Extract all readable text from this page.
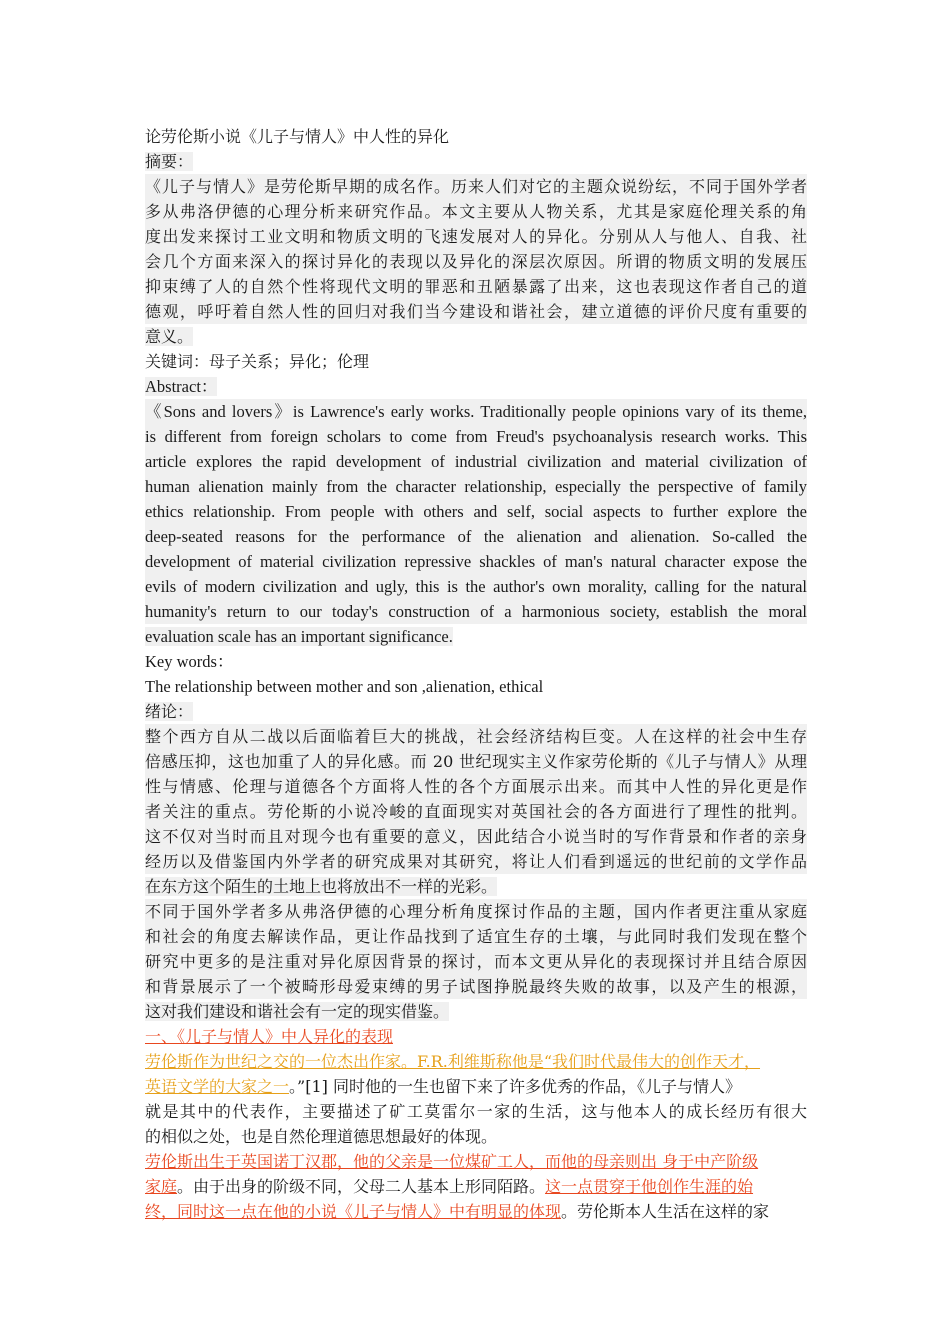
论劳伦斯小说《儿子与情人》中人性的异化
摘要：
《儿子与情人》是劳伦斯早期的成名作。历来人们对它的主题众说纷纭，不同于国外学者
多从弗洛伊德的心理分析来研究作品。本文主要从人物关系，尤其是家庭伦理关系的角
度出发来探讨工业文明和物质文明的飞速发展对人的异化。分别从人与他人、自我、社
会几个方面来深入的探讨异化的表现以及异化的深层次原因。所谓的物质文明的发展压
抑束缚了人的自然个性将现代文明的罪恶和丑陋暴露了出来，这也表现这作者自己的道
德观，呼吁着自然人性的回归对我们当今建设和谐社会，建立道德的评价尺度有重要的
意义。
关键词：母子关系；异化；伦理
Abstract：
《Sons and lovers》is Lawrence's early works. Traditionally people opinions vary of its theme,
is different from foreign scholars to come from Freud's psychoanalysis research works. This
article explores the rapid development of industrial civilization and material civilization of
human alienation mainly from the character relationship, especially the perspective of family
ethics relationship. From people with others and self, social aspects to further explore the
deep-seated reasons for the performance of the alienation and alienation. So-called the
development of material civilization repressive shackles of man's natural character expose the
evils of modern civilization and ugly, this is the author's own morality, calling for the natural
humanity's return to our today's construction of a harmonious society, establish the moral
evaluation scale has an important significance.
Key words：
The relationship between mother and son ,alienation, ethical
绪论：
整个西方自从二战以后面临着巨大的挑战，社会经济结构巨变。人在这样的社会中生存
倍感压抑，这也加重了人的异化感。而 20 世纪现实主义作家劳伦斯的《儿子与情人》从理
性与情感、伦理与道德各个方面将人性的各个方面展示出来。而其中人性的异化更是作
者关注的重点。劳伦斯的小说冷峻的直面现实对英国社会的各方面进行了理性的批判。
这不仅对当时而且对现今也有重要的意义，因此结合小说当时的写作背景和作者的亲身
经历以及借鉴国内外学者的研究成果对其研究，将让人们看到遥远的世纪前的文学作品
在东方这个陌生的土地上也将放出不一样的光彩。
不同于国外学者多从弗洛伊德的心理分析角度探讨作品的主题，国内作者更注重从家庭
和社会的角度去解读作品，更让作品找到了适宜生存的土壤，与此同时我们发现在整个
研究中更多的是注重对异化原因背景的探讨，而本文更从异化的表现探讨并且结合原因
和背景展示了一个被畸形母爱束缚的男子试图挣脱最终失败的故事，以及产生的根源，
这对我们建设和谐社会有一定的现实借鉴。
一、《儿子与情人》中人异化的表现
劳伦斯作为世纪之交的一位杰出作家。F.R.利维斯称他是“我们时代最伟大的创作天才，
英语文学的大家之一。”[1] 同时他的一生也留下来了许多优秀的作品，《儿子与情人》
就是其中的代表作，主要描述了矿工莫雷尔一家的生活，这与他本人的成长经历有很大
的相似之处，也是自然伦理道德思想最好的体现。
劳伦斯出生于英国诺丁汉郡，他的父亲是一位煤矿工人，而他的母亲则出 身于中产阶级
家庭。由于出身的阶级不同，父母二人基本上形同陌路。这一点贯穿于他创作生涯的始
终，同时这一点在他的小说《儿子与情人》中有明显的体现。劳伦斯本人生活在这样的家
